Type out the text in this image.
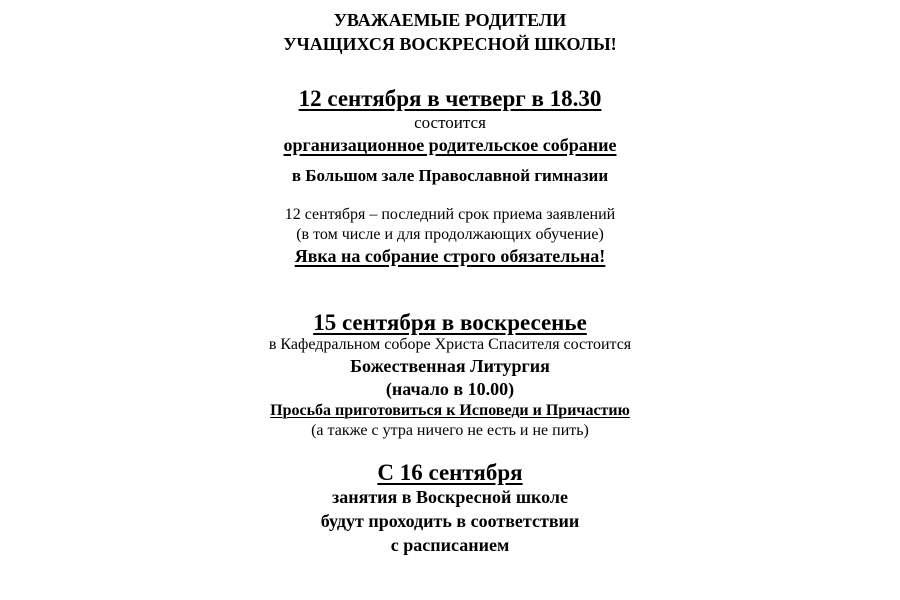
УВАЖАЕМЫЕ РОДИТЕЛИ
УЧАЩИХСЯ ВОСКРЕСНОЙ ШКОЛЫ!
12 сентября в четверг в 18.30
состоится
организационное родительское собрание
в Большом зале Православной гимназии
12 сентября – последний срок приема заявлений
(в том числе и для продолжающих обучение)
Явка на собрание строго обязательна!
15 сентября в воскресенье
в Кафедральном соборе Христа Спасителя состоится
Божественная Литургия
(начало в 10.00)
Просьба приготовиться к Исповеди и Причастию
(а также с утра ничего не есть и не пить)
С 16 сентября
занятия в Воскресной школе
будут проходить в соответствии
с расписанием
